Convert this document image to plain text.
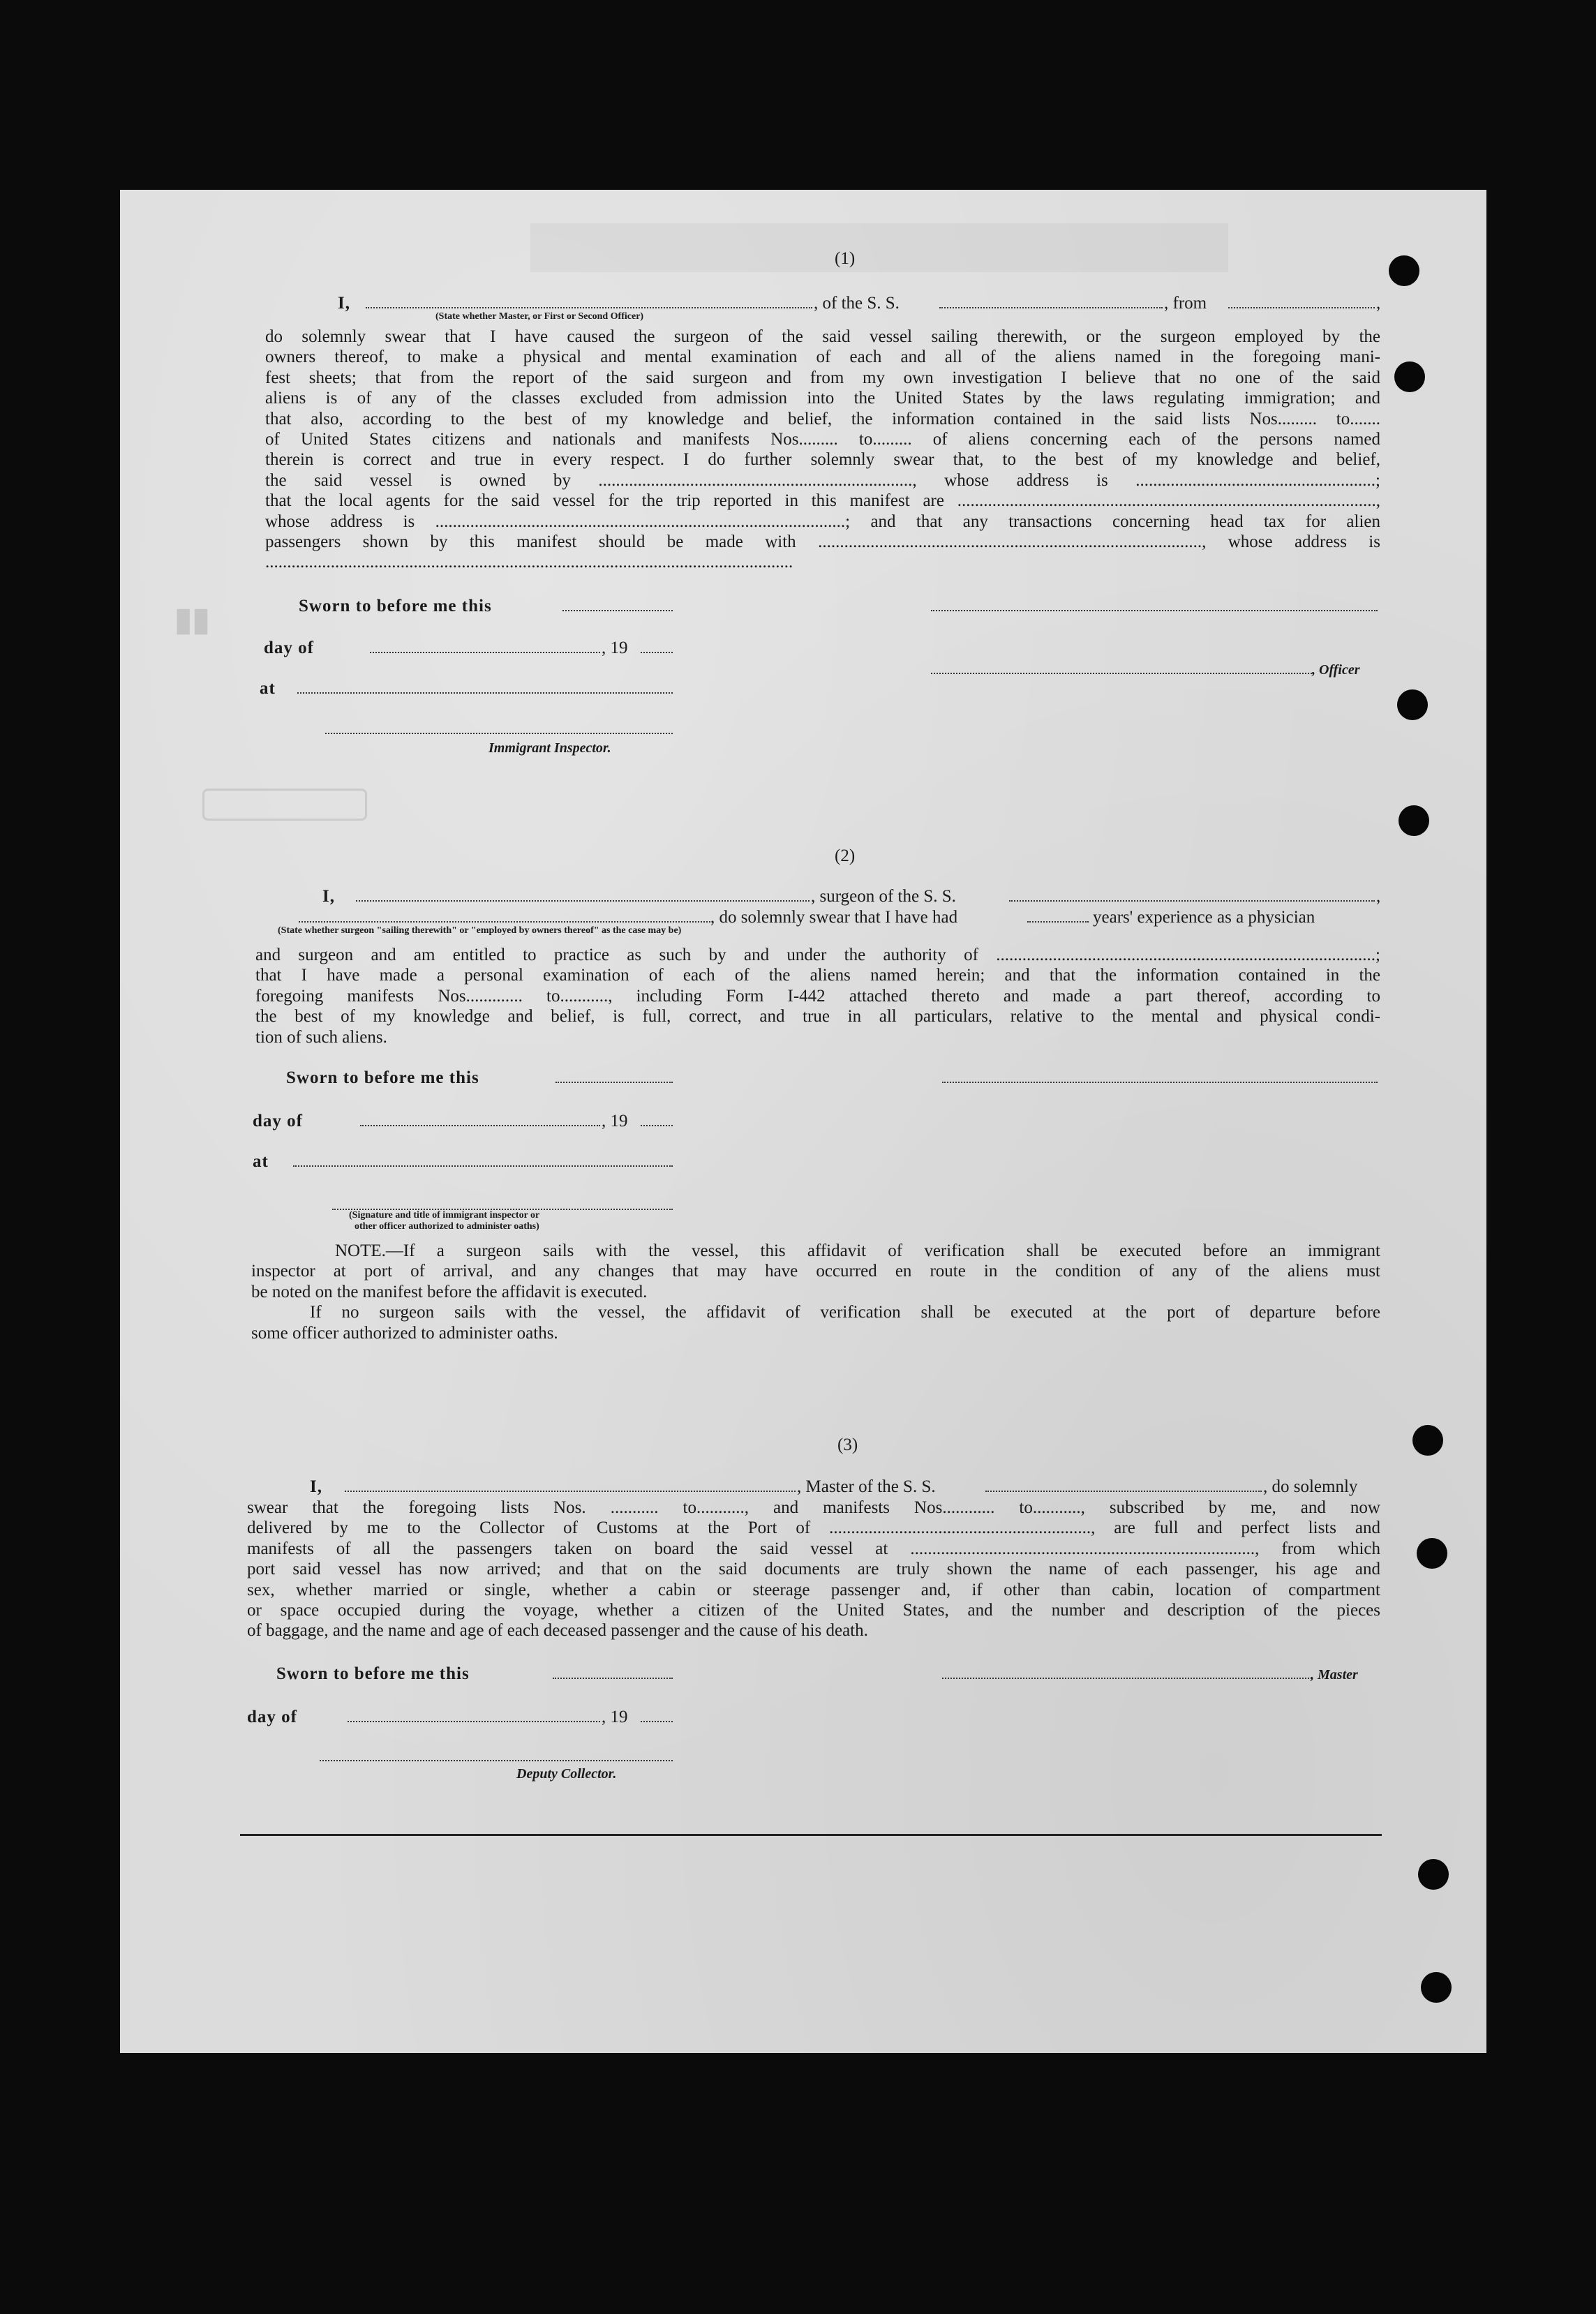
▮▮
(1)
I,	, of the S. S.	, from	,
(State whether Master, or First or Second Officer)
do solemnly swear that I have caused the surgeon of the said vessel sailing therewith, or the surgeon employed by the
owners thereof, to make a physical and mental examination of each and all of the aliens named in the foregoing mani-
fest sheets; that from the report of the said surgeon and from my own investigation I believe that no one of the said
aliens is of any of the classes excluded from admission into the United States by the laws regulating immigration; and
that also, according to the best of my knowledge and belief, the information contained in the said lists Nos......... to.......
of United States citizens and nationals and manifests Nos......... to......... of aliens concerning each of the persons named
therein is correct and true in every respect. I do further solemnly swear that, to the best of my knowledge and belief,
the said vessel is owned by ........................................................................, whose address is .......................................................;
that the local agents for the said vessel for the trip reported in this manifest are ................................................................................................,
whose address is ..............................................................................................; and that any transactions concerning head tax for alien
passengers shown by this manifest should be made with ........................................................................................, whose address is
.........................................................................................................................
Sworn to before me this
day of	, 19
, Officer
at
Immigrant Inspector.
(2)
I,	, surgeon of the S. S.	,
, do solemnly swear that I have had	years' experience as a physician
(State whether surgeon "sailing therewith" or "employed by owners thereof" as the case may be)
and surgeon and am entitled to practice as such by and under the authority of .......................................................................................;
that I have made a personal examination of each of the aliens named herein; and that the information contained in the
foregoing manifests Nos............. to..........., including Form I-442 attached thereto and made a part thereof, according to
the best of my knowledge and belief, is full, correct, and true in all particulars, relative to the mental and physical condi-
tion of such aliens.
Sworn to before me this
day of	, 19
at
(Signature and title of immigrant inspector or
other officer authorized to administer oaths)
NOTE.—If a surgeon sails with the vessel, this affidavit of verification shall be executed before an immigrant
inspector at port of arrival, and any changes that may have occurred en route in the condition of any of the aliens must
be noted on the manifest before the affidavit is executed.
If no surgeon sails with the vessel, the affidavit of verification shall be executed at the port of departure before
some officer authorized to administer oaths.
(3)
I,	, Master of the S. S.	, do solemnly
swear that the foregoing lists Nos. ........... to..........., and manifests Nos............ to..........., subscribed by me, and now
delivered by me to the Collector of Customs at the Port of ............................................................, are full and perfect lists and
manifests of all the passengers taken on board the said vessel at ..............................................................................., from which
port said vessel has now arrived; and that on the said documents are truly shown the name of each passenger, his age and
sex, whether married or single, whether a cabin or steerage passenger and, if other than cabin, location of compartment
or space occupied during the voyage, whether a citizen of the United States, and the number and description of the pieces
of baggage, and the name and age of each deceased passenger and the cause of his death.
Sworn to before me this	, Master
day of	, 19
Deputy Collector.
